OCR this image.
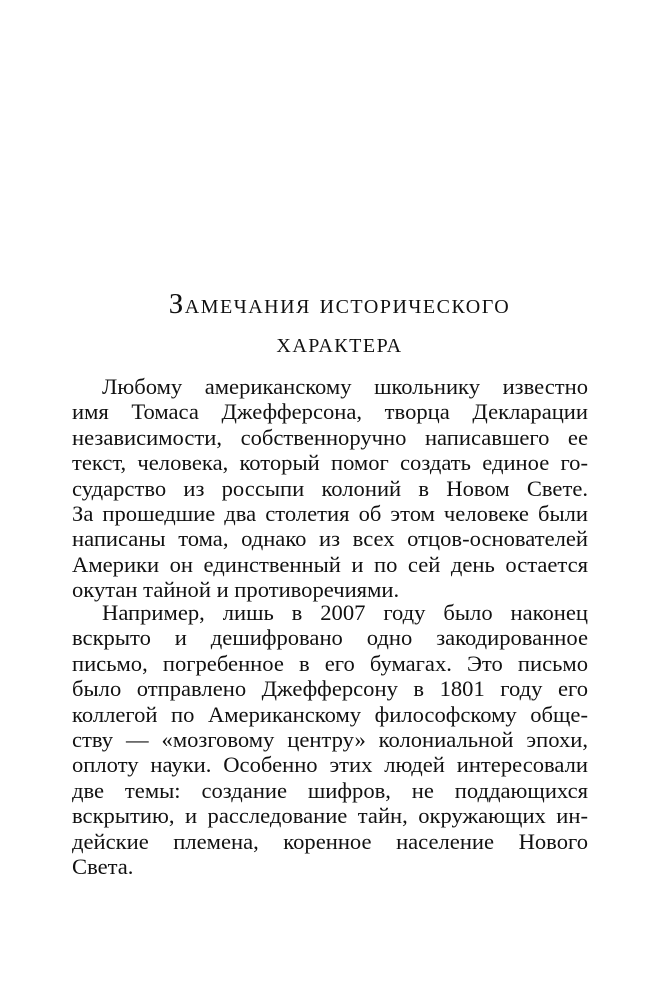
Замечания исторического
характера
Любому американскому школьнику известно
имя Томаса Джефферсона, творца Декларации
независимости, собственноручно написавшего ее
текст, человека, который помог создать единое го-
сударство из россыпи колоний в Новом Свете.
За прошедшие два столетия об этом человеке были
написаны тома, однако из всех отцов-основателей
Америки он единственный и по сей день остается
окутан тайной и противоречиями.
Например, лишь в 2007 году было наконец
вскрыто и дешифровано одно закодированное
письмо, погребенное в его бумагах. Это письмо
было отправлено Джефферсону в 1801 году его
коллегой по Американскому философскому обще-
ству — «мозговому центру» колониальной эпохи,
оплоту науки. Особенно этих людей интересовали
две темы: создание шифров, не поддающихся
вскрытию, и расследование тайн, окружающих ин-
дейские племена, коренное население Нового
Света.
